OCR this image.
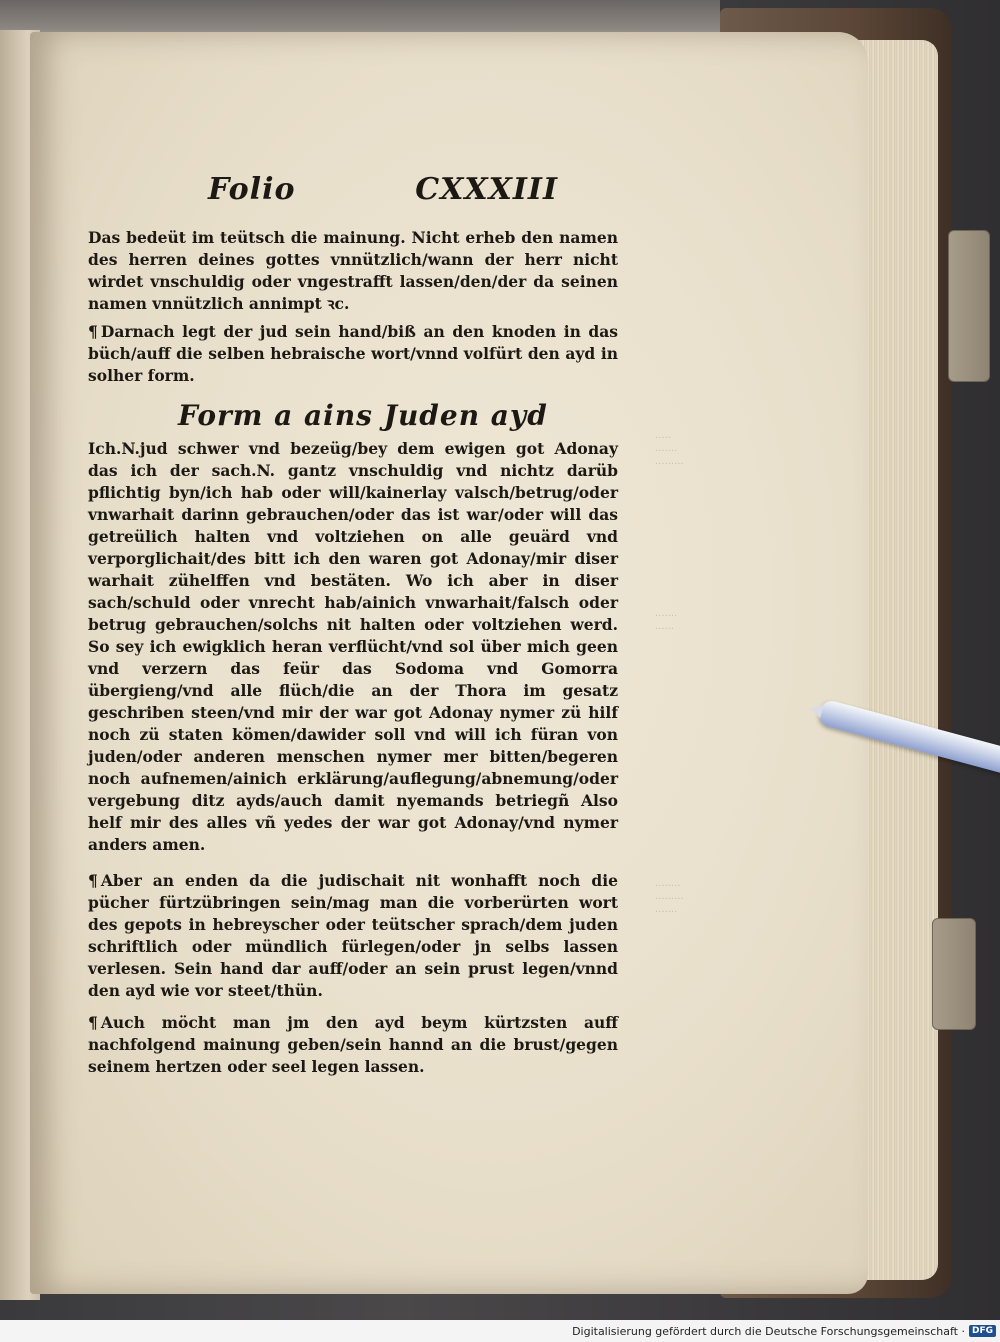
·····
·······
·········
·······
······
········
·········
·······
Folio	CXXXIII

Das bedeüt im teütsch die mainung. Nicht erheb den namen des herren deines gottes vnnützlich/wann der herr nicht wirdet vnschuldig oder vngestrafft lassen/den/der da seinen namen vnnützlich annimpt ꝛc.

¶ Darnach legt der jud sein hand/biß an den knoden in das büch/auff die selben hebraische wort/vnnd volfürt den ayd in solher form.

Form a ains Juden ayd

Ich.N.jud schwer vnd bezeüg/bey dem ewigen got Adonay das ich der sach.N. gantz vnschuldig vnd nichtz darüb pflichtig byn/ich hab oder will/kainerlay valsch/betrug/oder vnwarhait darinn gebrauchen/oder das ist war/oder will das getreülich halten vnd voltziehen on alle geuärd vnd verporglichait/des bitt ich den waren got Adonay/mir diser warhait zühelffen vnd bestäten. Wo ich aber in diser sach/schuld oder vnrecht hab/ainich vnwarhait/falsch oder betrug gebrauchen/solchs nit halten oder voltziehen werd. So sey ich ewigklich heran verflücht/vnd sol über mich geen vnd verzern das feür das Sodoma vnd Gomorra übergieng/vnd alle flüch/die an der Thora im gesatz geschriben steen/vnd mir der war got Adonay nymer zü hilf noch zü staten kömen/dawider soll vnd will ich füran von juden/oder anderen menschen nymer mer bitten/begeren noch aufnemen/ainich erklärung/auflegung/abnemung/oder vergebung ditz ayds/auch damit nyemands betriegñ Also helf mir des alles vñ yedes der war got Adonay/vnd nymer anders amen.

¶ Aber an enden da die judischait nit wonhafft noch die pücher fürtzübringen sein/mag man die vorberürten wort des gepots in hebreyscher oder teütscher sprach/dem juden schriftlich oder mündlich fürlegen/oder jn selbs lassen verlesen. Sein hand dar auff/oder an sein prust legen/vnnd den ayd wie vor steet/thün.

¶ Auch möcht man jm den ayd beym kürtzsten auff nachfolgend mainung geben/sein hannd an die brust/gegen seinem hertzen oder seel legen lassen.

Digitalisierung gefördert durch die Deutsche Forschungsgemeinschaft · DFG
